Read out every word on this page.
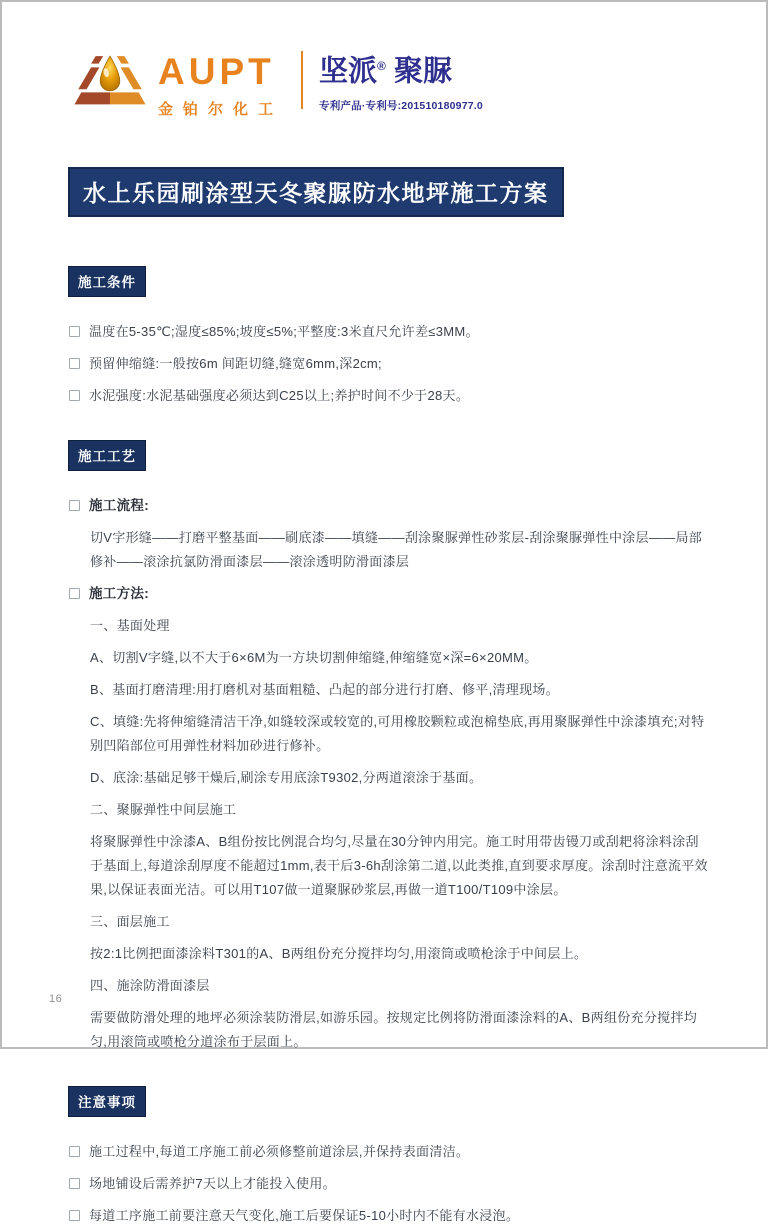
AUPT
金铂尔化工
坚派® 聚脲
专利产品·专利号:201510180977.0
水上乐园刷涂型天冬聚脲防水地坪施工方案
施工条件
温度在5-35℃;湿度≤85%;坡度≤5%;平整度:3米直尺允许差≤3MM。
预留伸缩缝:一般按6m 间距切缝,缝宽6mm,深2cm;
水泥强度:水泥基础强度必须达到C25以上;养护时间不少于28天。
施工工艺
施工流程:

切V字形缝——打磨平整基面——刷底漆——填缝——刮涂聚脲弹性砂浆层-刮涂聚脲弹性中涂层——局部修补——滚涂抗氯防滑面漆层——滚涂透明防滑面漆层

施工方法:

一、基面处理

A、切割V字缝,以不大于6×6M为一方块切割伸缩缝,伸缩缝宽×深=6×20MM。

B、基面打磨清理:用打磨机对基面粗糙、凸起的部分进行打磨、修平,清理现场。

C、填缝:先将伸缩缝清洁干净,如缝较深或较宽的,可用橡胶颗粒或泡棉垫底,再用聚脲弹性中涂漆填充;对特别凹陷部位可用弹性材料加砂进行修补。

D、底涂:基础足够干燥后,刷涂专用底涂T9302,分两道滚涂于基面。

二、聚脲弹性中间层施工

将聚脲弹性中涂漆A、B组份按比例混合均匀,尽量在30分钟内用完。施工时用带齿镘刀或刮耙将涂料涂刮于基面上,每道涂刮厚度不能超过1mm,表干后3-6h刮涂第二道,以此类推,直到要求厚度。涂刮时注意流平效果,以保证表面光洁。可以用T107做一道聚脲砂浆层,再做一道T100/T109中涂层。

三、面层施工

按2:1比例把面漆涂料T301的A、B两组份充分搅拌均匀,用滚筒或喷枪涂于中间层上。

四、施涂防滑面漆层

需要做防滑处理的地坪必须涂装防滑层,如游乐园。按规定比例将防滑面漆涂料的A、B两组份充分搅拌均匀,用滚筒或喷枪分道涂布于层面上。

注意事项
施工过程中,每道工序施工前必须修整前道涂层,并保持表面清洁。
场地铺设后需养护7天以上才能投入使用。
每道工序施工前要注意天气变化,施工后要保证5-10小时内不能有水浸泡。
16
